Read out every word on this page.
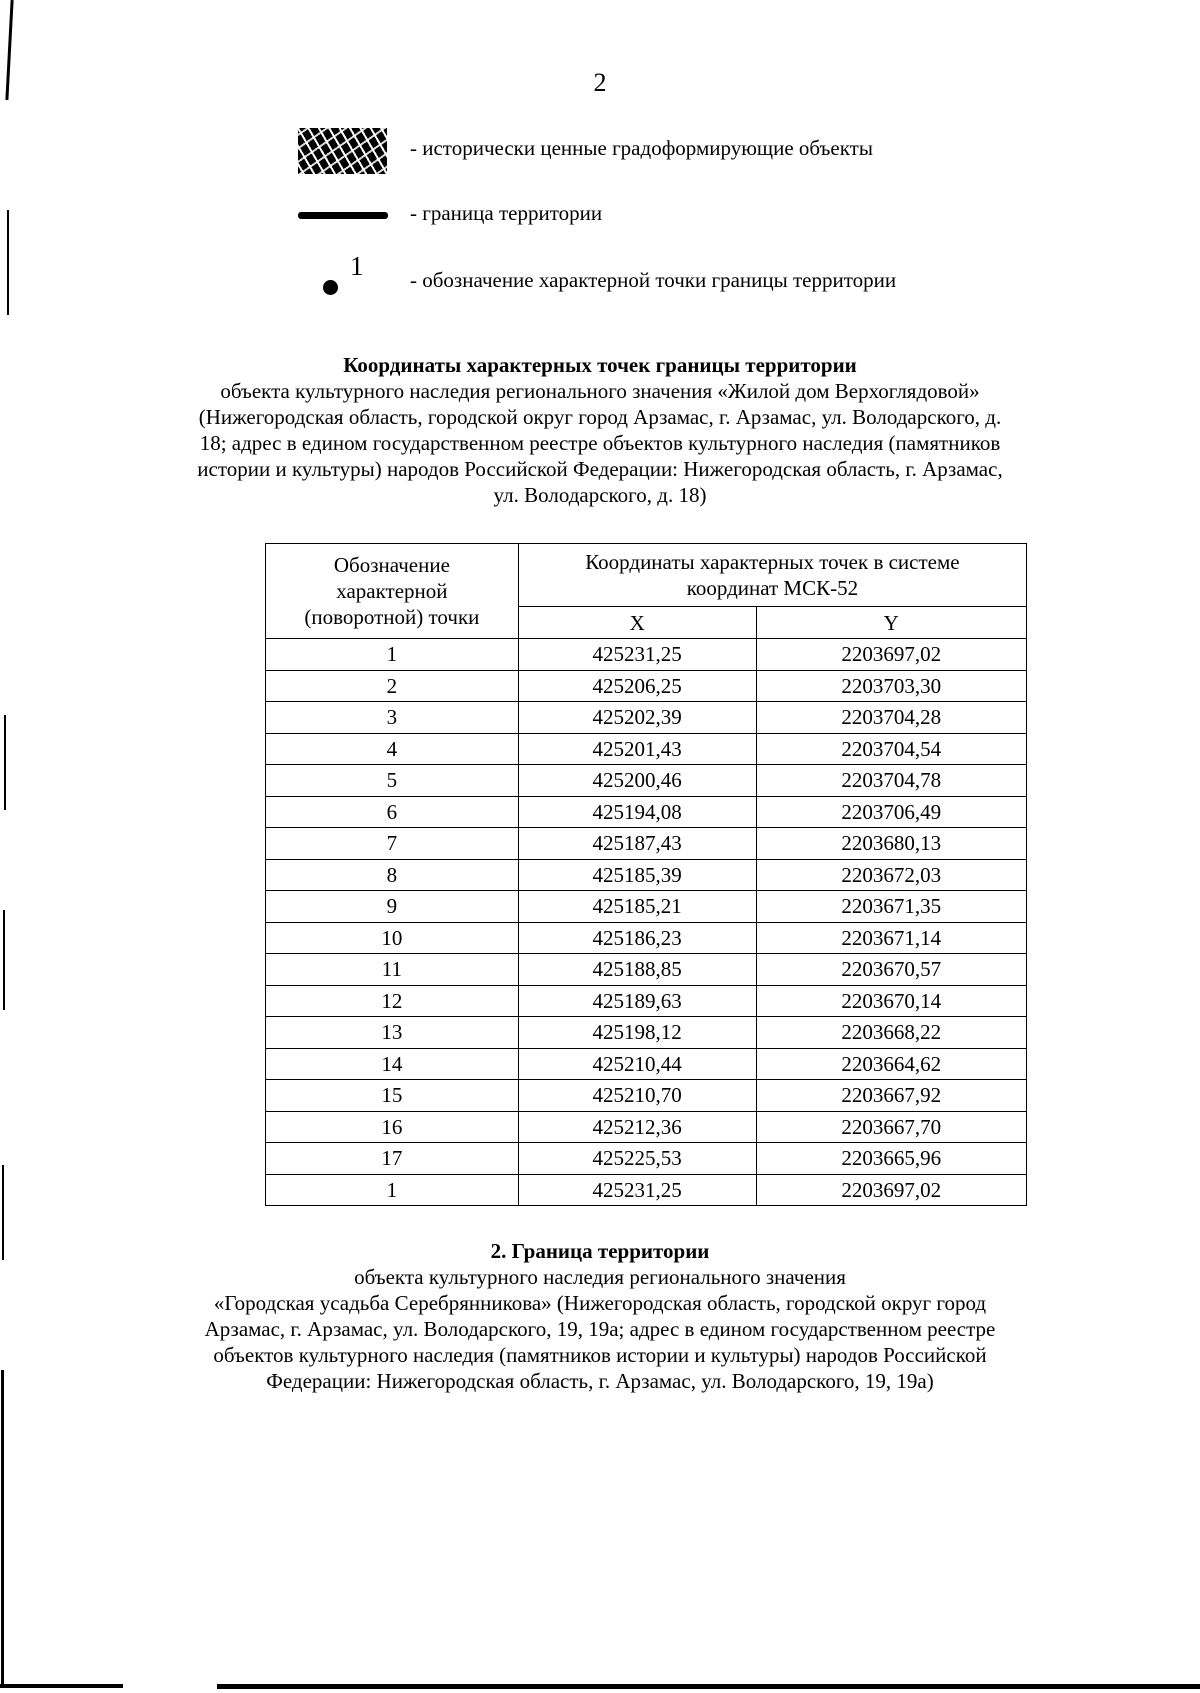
2
- исторически ценные градоформирующие объекты
- граница территории
1 - обозначение характерной точки границы территории
Координаты характерных точек границы территории
объекта культурного наследия регионального значения «Жилой дом Верхоглядовой»
(Нижегородская область, городской округ город Арзамас, г. Арзамас, ул. Володарского, д.
18; адрес в едином государственном реестре объектов культурного наследия (памятников
истории и культуры) народов Российской Федерации: Нижегородская область, г. Арзамас,
ул. Володарского, д. 18)
Обозначение
характерной
(поворотной) точки

Координаты характерных точек в системе
координат МСК-52

	X	Y
1	425231,25	2203697,02
2	425206,25	2203703,30
3	425202,39	2203704,28
4	425201,43	2203704,54
5	425200,46	2203704,78
6	425194,08	2203706,49
7	425187,43	2203680,13
8	425185,39	2203672,03
9	425185,21	2203671,35
10	425186,23	2203671,14
11	425188,85	2203670,57
12	425189,63	2203670,14
13	425198,12	2203668,22
14	425210,44	2203664,62
15	425210,70	2203667,92
16	425212,36	2203667,70
17	425225,53	2203665,96
1	425231,25	2203697,02
2. Граница территории
объекта культурного наследия регионального значения
«Городская усадьба Серебрянникова» (Нижегородская область, городской округ город
Арзамас, г. Арзамас, ул. Володарского, 19, 19а; адрес в едином государственном реестре
объектов культурного наследия (памятников истории и культуры) народов Российской
Федерации: Нижегородская область, г. Арзамас, ул. Володарского, 19, 19а)
